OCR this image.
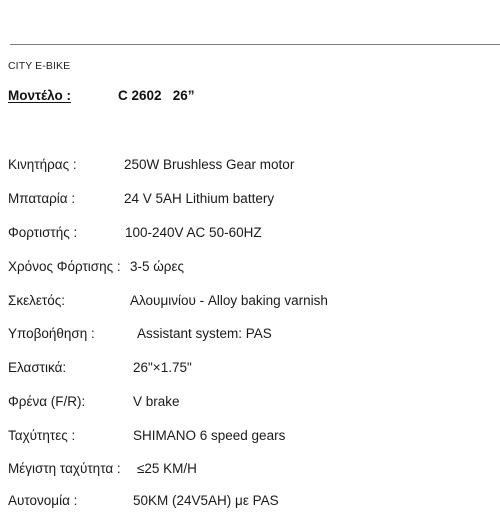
CITY E-BIKE
Μοντέλο :	C 2602   26”
Κινητήρας :	250W Brushless Gear motor
Μπαταρία :	24 V 5AH Lithium battery
Φορτιστής :	100-240V AC 50-60HZ
Χρόνος Φόρτισης : 3-5 ώρες
Σκελετός:	Αλουμινίου - Alloy baking varnish
Υποβοήθηση :	Assistant system: PAS
Ελαστικά:	26"×1.75"
Φρένα (F/R):	V brake
Ταχύτητες :	SHIMANO 6 speed gears
Μέγιστη ταχύτητα : ≤25 KM/H
Αυτονομία :	50KM (24V5AH) με PAS
